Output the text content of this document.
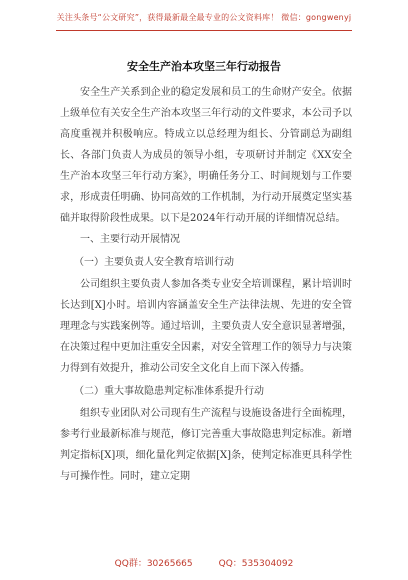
关注头条号“公文研究”，获得最新最全最专业的公文资料库！ 微信：gongwenyj
安全生产治本攻坚三年行动报告

安全生产关系到企业的稳定发展和员工的生命财产安全。依据上级单位有关安全生产治本攻坚三年行动的文件要求，本公司予以高度重视并积极响应。特成立以总经理为组长、分管副总为副组长、各部门负责人为成员的领导小组，专项研讨并制定《XX安全生产治本攻坚三年行动方案》，明确任务分工、时间规划与工作要求，形成责任明确、协同高效的工作机制，为行动开展奠定坚实基础并取得阶段性成果。以下是2024年行动开展的详细情况总结。

一、主要行动开展情况
（一）主要负责人安全教育培训行动

公司组织主要负责人参加各类专业安全培训课程，累计培训时长达到[X]小时。培训内容涵盖安全生产法律法规、先进的安全管理理念与实践案例等。通过培训，主要负责人安全意识显著增强，在决策过程中更加注重安全因素，对安全管理工作的领导力与决策力得到有效提升，推动公司安全文化自上而下深入传播。

（二）重大事故隐患判定标准体系提升行动

组织专业团队对公司现有生产流程与设施设备进行全面梳理，参考行业最新标准与规范，修订完善重大事故隐患判定标准。新增判定指标[X]项，细化量化判定依据[X]条，使判定标准更具科学性与可操作性。同时，建立定期

QQ群：30265665	QQ：535304092
